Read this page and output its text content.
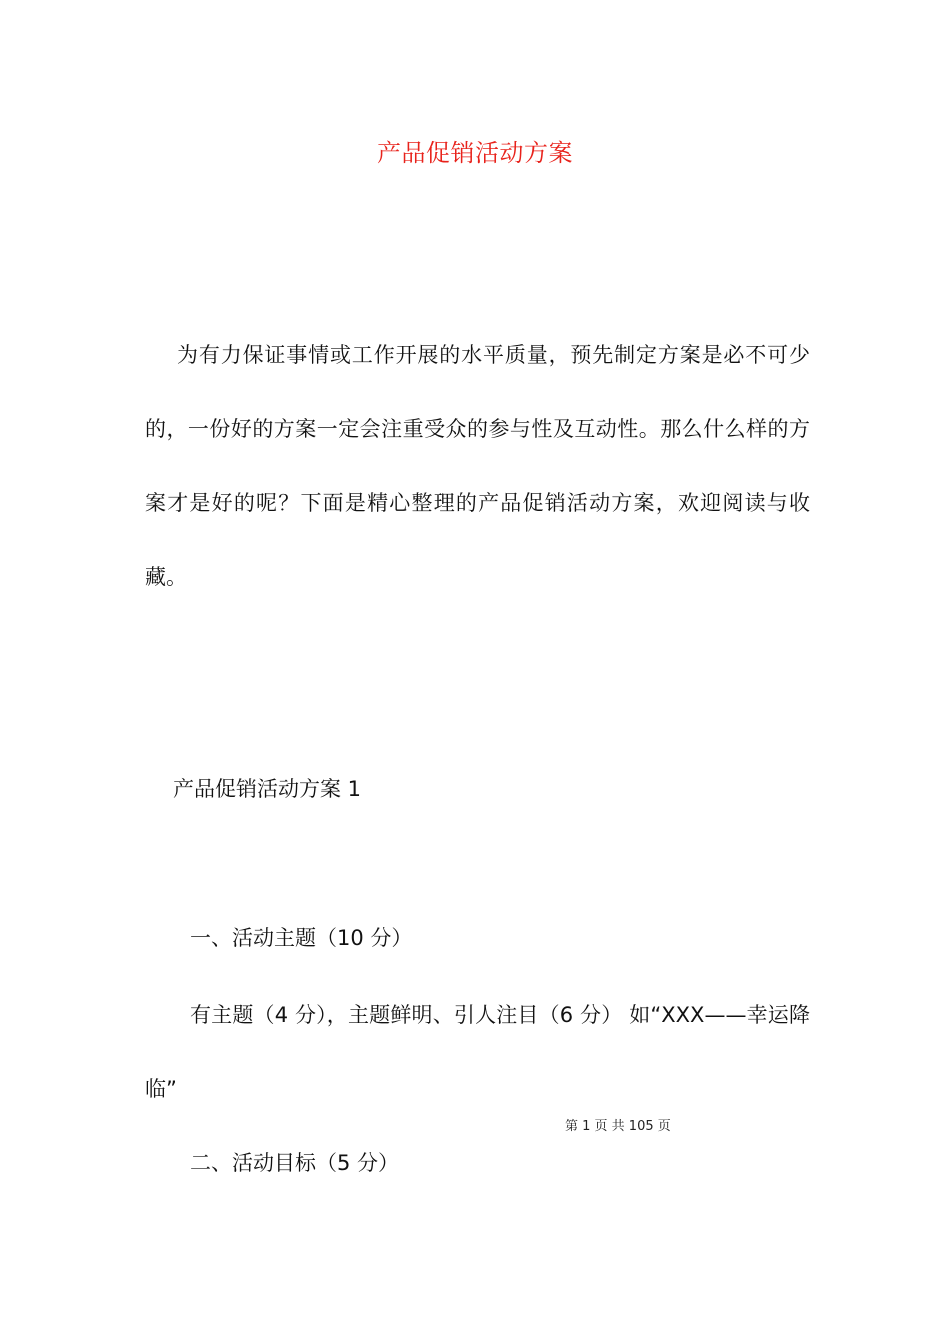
产品促销活动方案

为有力保证事情或工作开展的水平质量，预先制定方案是必不可少的，一份好的方案一定会注重受众的参与性及互动性。那么什么样的方案才是好的呢？下面是精心整理的产品促销活动方案，欢迎阅读与收藏。

产品促销活动方案 1

一、活动主题（10 分）

有主题（4 分），主题鲜明、引人注目（6 分） 如“XXX——幸运降临”

第 1 页 共 105 页

二、活动目标（5 分）
